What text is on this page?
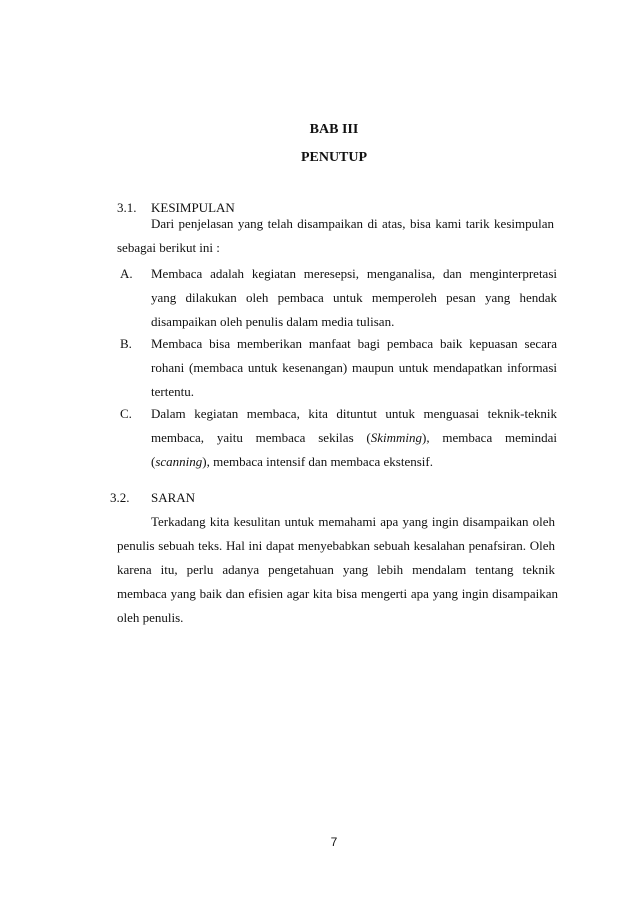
BAB III
PENUTUP
3.1. KESIMPULAN
Dari penjelasan yang telah disampaikan di atas, bisa kami tarik kesimpulan
sebagai berikut ini :
A. Membaca adalah kegiatan meresepsi, menganalisa, dan menginterpretasi
yang dilakukan oleh pembaca untuk memperoleh pesan yang hendak
disampaikan oleh penulis dalam media tulisan.
B. Membaca bisa memberikan manfaat bagi pembaca baik kepuasan secara
rohani (membaca untuk kesenangan) maupun untuk mendapatkan informasi
tertentu.
C. Dalam kegiatan membaca, kita dituntut untuk menguasai teknik-teknik
membaca, yaitu membaca sekilas (Skimming), membaca memindai
(scanning), membaca intensif dan membaca ekstensif.
3.2. SARAN
Terkadang kita kesulitan untuk memahami apa yang ingin disampaikan oleh
penulis sebuah teks. Hal ini dapat menyebabkan sebuah kesalahan penafsiran. Oleh
karena itu, perlu adanya pengetahuan yang lebih mendalam tentang teknik
membaca yang baik dan efisien agar kita bisa mengerti apa yang ingin disampaikan
oleh penulis.
7
